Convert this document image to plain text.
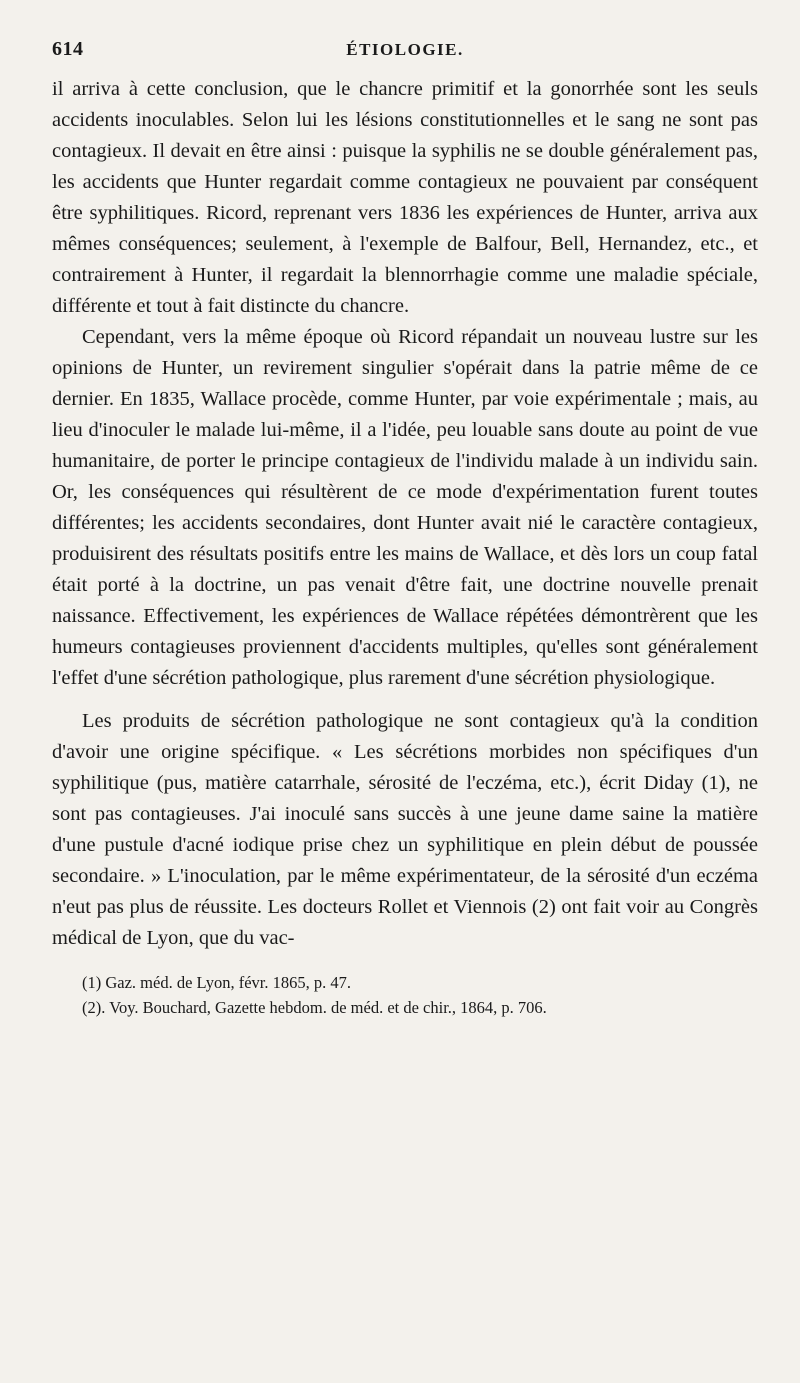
614	ÉTIOLOGIE.

il arriva à cette conclusion, que le chancre primitif et la gonorrhée sont les seuls accidents inoculables. Selon lui les lésions constitutionnelles et le sang ne sont pas contagieux. Il devait en être ainsi : puisque la syphilis ne se double généralement pas, les accidents que Hunter regardait comme contagieux ne pouvaient par conséquent être syphilitiques. Ricord, reprenant vers 1836 les expériences de Hunter, arriva aux mêmes conséquences; seulement, à l'exemple de Balfour, Bell, Hernandez, etc., et contrairement à Hunter, il regardait la blennorrhagie comme une maladie spéciale, différente et tout à fait distincte du chancre.

Cependant, vers la même époque où Ricord répandait un nouveau lustre sur les opinions de Hunter, un revirement singulier s'opérait dans la patrie même de ce dernier. En 1835, Wallace procède, comme Hunter, par voie expérimentale ; mais, au lieu d'inoculer le malade lui-même, il a l'idée, peu louable sans doute au point de vue humanitaire, de porter le principe contagieux de l'individu malade à un individu sain. Or, les conséquences qui résultèrent de ce mode d'expérimentation furent toutes différentes; les accidents secondaires, dont Hunter avait nié le caractère contagieux, produisirent des résultats positifs entre les mains de Wallace, et dès lors un coup fatal était porté à la doctrine, un pas venait d'être fait, une doctrine nouvelle prenait naissance. Effectivement, les expériences de Wallace répétées démontrèrent que les humeurs contagieuses proviennent d'accidents multiples, qu'elles sont généralement l'effet d'une sécrétion pathologique, plus rarement d'une sécrétion physiologique.

Les produits de sécrétion pathologique ne sont contagieux qu'à la condition d'avoir une origine spécifique. « Les sécrétions morbides non spécifiques d'un syphilitique (pus, matière catarrhale, sérosité de l'eczéma, etc.), écrit Diday (1), ne sont pas contagieuses. J'ai inoculé sans succès à une jeune dame saine la matière d'une pustule d'acné iodique prise chez un syphilitique en plein début de poussée secondaire. » L'inoculation, par le même expérimentateur, de la sérosité d'un eczéma n'eut pas plus de réussite. Les docteurs Rollet et Viennois (2) ont fait voir au Congrès médical de Lyon, que du vac-

(1) Gaz. méd. de Lyon, févr. 1865, p. 47.

(2). Voy. Bouchard, Gazette hebdom. de méd. et de chir., 1864, p. 706.
